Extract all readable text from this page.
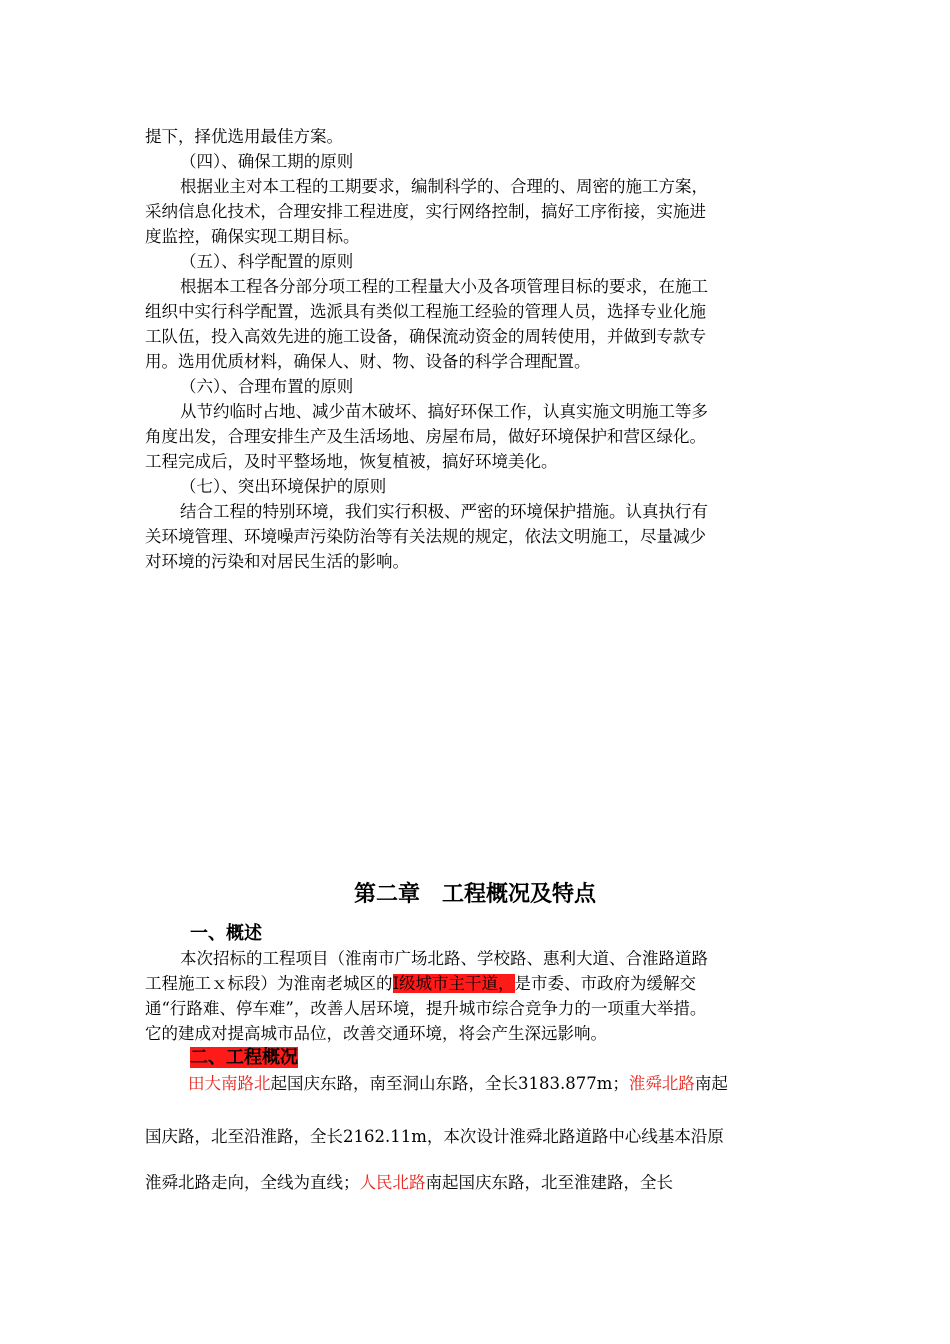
提下，择优选用最佳方案。
（四）、确保工期的原则
根据业主对本工程的工期要求，编制科学的、合理的、周密的施工方案，
采纳信息化技术，合理安排工程进度，实行网络控制，搞好工序衔接，实施进
度监控，确保实现工期目标。
（五）、科学配置的原则
根据本工程各分部分项工程的工程量大小及各项管理目标的要求，在施工
组织中实行科学配置，选派具有类似工程施工经验的管理人员，选择专业化施
工队伍，投入高效先进的施工设备，确保流动资金的周转使用，并做到专款专
用。选用优质材料，确保人、财、物、设备的科学合理配置。
（六）、合理布置的原则
从节约临时占地、减少苗木破坏、搞好环保工作，认真实施文明施工等多
角度出发，合理安排生产及生活场地、房屋布局，做好环境保护和营区绿化。
工程完成后，及时平整场地，恢复植被，搞好环境美化。
（七）、突出环境保护的原则
结合工程的特别环境，我们实行积极、严密的环境保护措施。认真执行有
关环境管理、环境噪声污染防治等有关法规的规定，依法文明施工，尽量减少
对环境的污染和对居民生活的影响。
第二章　工程概况及特点
一、概述
本次招标的工程项目（淮南市广场北路、学校路、惠利大道、合淮路道路
工程施工ｘ标段）为淮南老城区的Ⅰ级城市主干道，是市委、市政府为缓解交
通“行路难、停车难”，改善人居环境，提升城市综合竞争力的一项重大举措。
它的建成对提高城市品位，改善交通环境，将会产生深远影响。
二、工程概况
田大南路北起国庆东路，南至洞山东路，全长3183.877m；淮舜北路南起
国庆路，北至沿淮路，全长2162.11m，本次设计淮舜北路道路中心线基本沿原
淮舜北路走向，全线为直线；人民北路南起国庆东路，北至淮建路，全长
